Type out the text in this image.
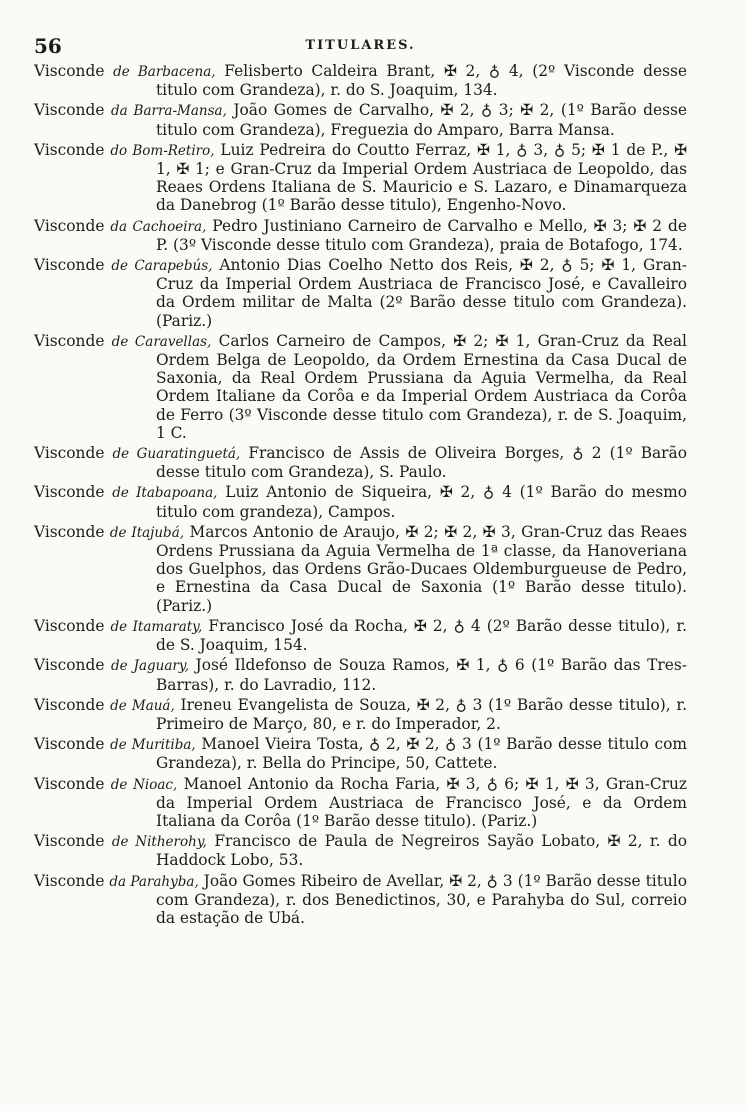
56	TITULARES.

Visconde de Barbacena, Felisberto Caldeira Brant, ✠ 2, ♁ 4, (2º Visconde desse titulo com Grandeza), r. do S. Joaquim, 134.

Visconde da Barra-Mansa, João Gomes de Carvalho, ✠ 2, ♁ 3; ✠ 2, (1º Barão desse titulo com Grandeza), Freguezia do Amparo, Barra Mansa.

Visconde do Bom-Retiro, Luiz Pedreira do Coutto Ferraz, ✠ 1, ♁ 3, ♁ 5; ✠ 1 de P., ✠ 1, ✠ 1; e Gran-Cruz da Imperial Ordem Austriaca de Leopoldo, das Reaes Ordens Italiana de S. Mauricio e S. Lazaro, e Dinamarqueza da Danebrog (1º Barão desse titulo), Engenho-Novo.

Visconde da Cachoeira, Pedro Justiniano Carneiro de Carvalho e Mello, ✠ 3; ✠ 2 de P. (3º Visconde desse titulo com Grandeza), praia de Botafogo, 174.

Visconde de Carapebús, Antonio Dias Coelho Netto dos Reis, ✠ 2, ♁ 5; ✠ 1, Gran-Cruz da Imperial Ordem Austriaca de Francisco José, e Cavalleiro da Ordem militar de Malta (2º Barão desse titulo com Grandeza). (Pariz.)

Visconde de Caravellas, Carlos Carneiro de Campos, ✠ 2; ✠ 1, Gran-Cruz da Real Ordem Belga de Leopoldo, da Ordem Ernestina da Casa Ducal de Saxonia, da Real Ordem Prussiana da Aguia Vermelha, da Real Ordem Italiane da Corôa e da Imperial Ordem Austriaca da Corôa de Ferro (3º Visconde desse titulo com Grandeza), r. de S. Joaquim, 1 C.

Visconde de Guaratinguetá, Francisco de Assis de Oliveira Borges, ♁ 2 (1º Barão desse titulo com Grandeza), S. Paulo.

Visconde de Itabapoana, Luiz Antonio de Siqueira, ✠ 2, ♁ 4 (1º Barão do mesmo titulo com grandeza), Campos.

Visconde de Itajubá, Marcos Antonio de Araujo, ✠ 2; ✠ 2, ✠ 3, Gran-Cruz das Reaes Ordens Prussiana da Aguia Vermelha de 1ª classe, da Hanoveriana dos Guelphos, das Ordens Grão-Ducaes Oldemburgueuse de Pedro, e Ernestina da Casa Ducal de Saxonia (1º Barão desse titulo). (Pariz.)

Visconde de Itamaraty, Francisco José da Rocha, ✠ 2, ♁ 4 (2º Barão desse titulo), r. de S. Joaquim, 154.

Visconde de Jaguary, José Ildefonso de Souza Ramos, ✠ 1, ♁ 6 (1º Barão das Tres-Barras), r. do Lavradio, 112.

Visconde de Mauá, Ireneu Evangelista de Souza, ✠ 2, ♁ 3 (1º Barão desse titulo), r. Primeiro de Março, 80, e r. do Imperador, 2.

Visconde de Muritiba, Manoel Vieira Tosta, ♁ 2, ✠ 2, ♁ 3 (1º Barão desse titulo com Grandeza), r. Bella do Principe, 50, Cattete.

Visconde de Nioac, Manoel Antonio da Rocha Faria, ✠ 3, ♁ 6; ✠ 1, ✠ 3, Gran-Cruz da Imperial Ordem Austriaca de Francisco José, e da Ordem Italiana da Corôa (1º Barão desse titulo). (Pariz.)

Visconde de Nitherohy, Francisco de Paula de Negreiros Sayão Lobato, ✠ 2, r. do Haddock Lobo, 53.

Visconde da Parahyba, João Gomes Ribeiro de Avellar, ✠ 2, ♁ 3 (1º Barão desse titulo com Grandeza), r. dos Benedictinos, 30, e Parahyba do Sul, correio da estação de Ubá.
